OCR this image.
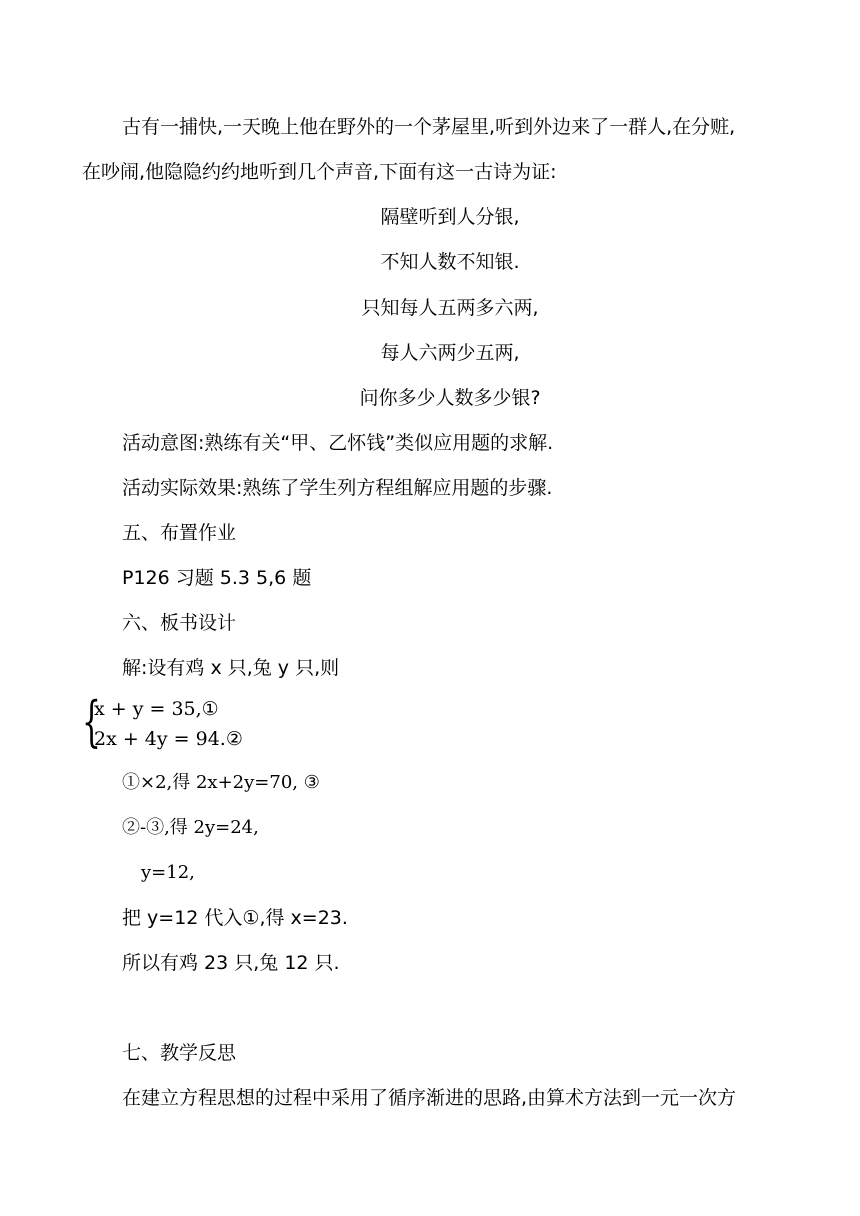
古有一捕快,一天晚上他在野外的一个茅屋里,听到外边来了一群人,在分赃,
在吵闹,他隐隐约约地听到几个声音,下面有这一古诗为证:
隔壁听到人分银,
不知人数不知银.
只知每人五两多六两,
每人六两少五两,
问你多少人数多少银?
活动意图:熟练有关“甲、乙怀钱”类似应用题的求解.
活动实际效果:熟练了学生列方程组解应用题的步骤.
五、布置作业
P126 习题 5.3 5,6 题
六、板书设计
解:设有鸡 x 只,兔 y 只,则
{
x + y = 35,①
2x + 4y = 94.②
①×2,得 2x+2y=70, ③
②-③,得 2y=24,
y=12,
把 y=12 代入①,得 x=23.
所以有鸡 23 只,兔 12 只.
七、教学反思
在建立方程思想的过程中采用了循序渐进的思路,由算术方法到一元一次方
